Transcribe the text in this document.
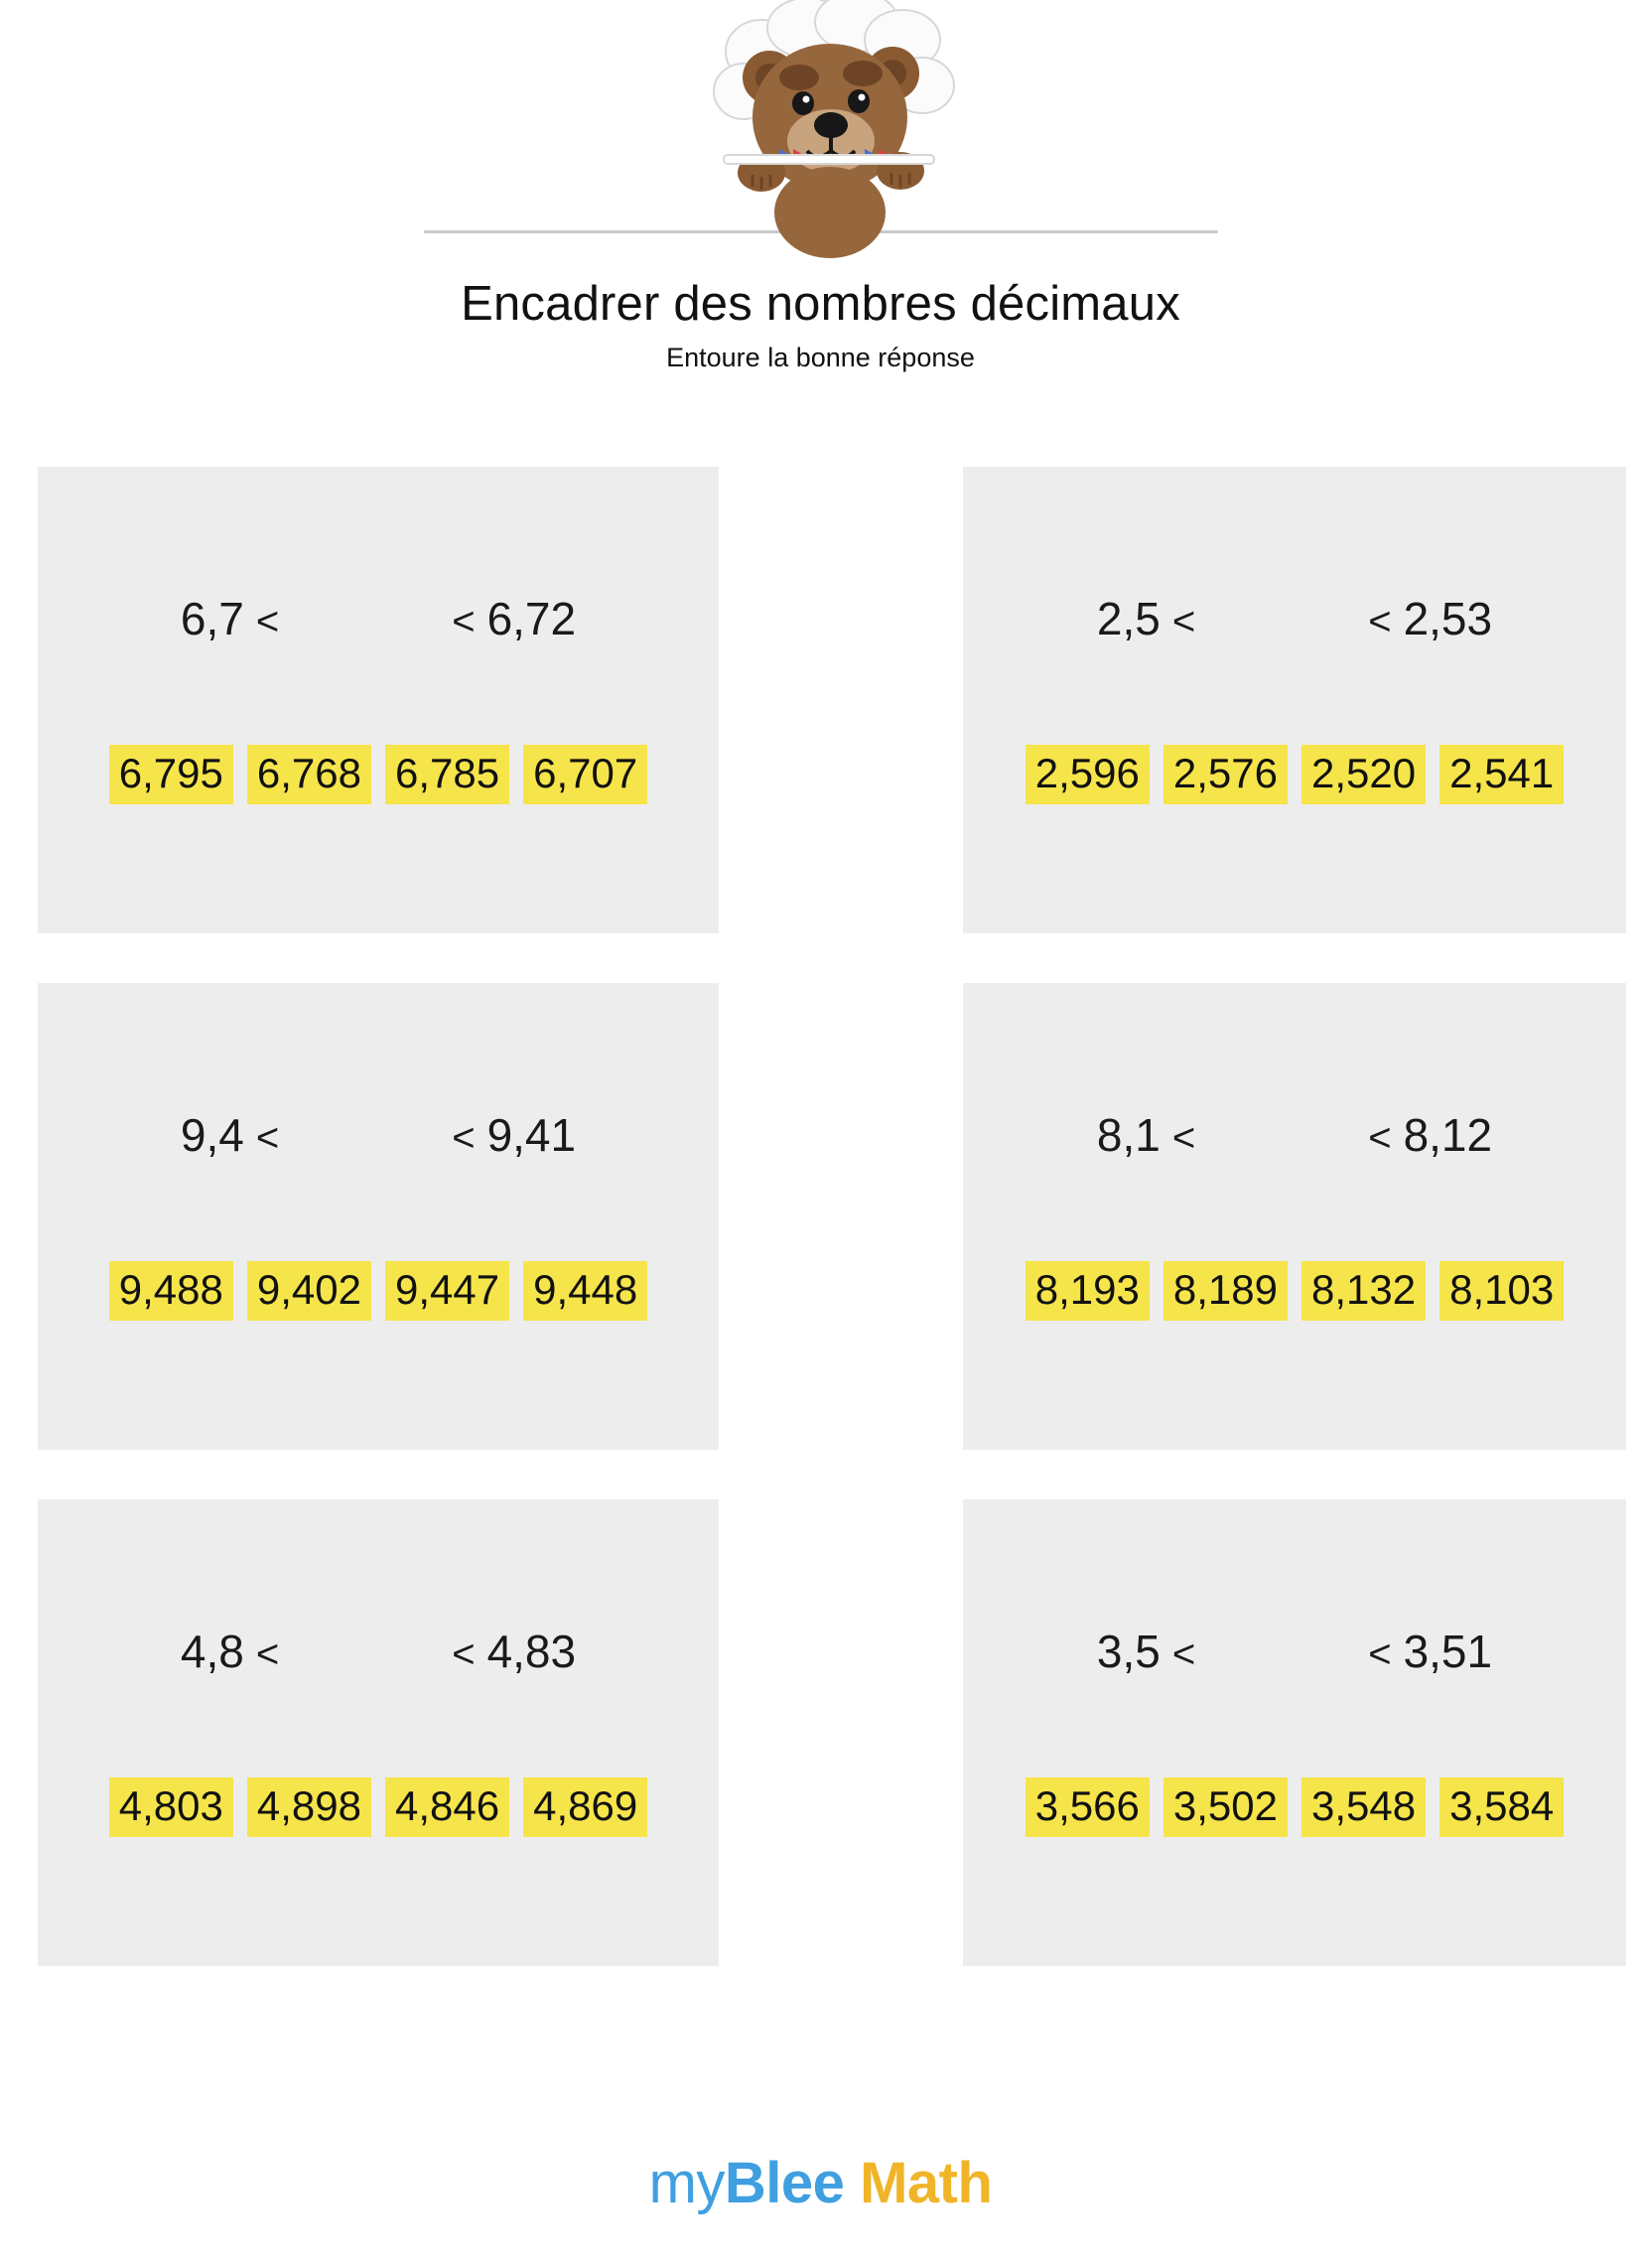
Encadrer des nombres décimaux

Entoure la bonne réponse

6,7 <	< 6,72
6,795 6,768 6,785 6,707
2,5 <	< 2,53
2,596 2,576 2,520 2,541
9,4 <	< 9,41
9,488 9,402 9,447 9,448
8,1 <	< 8,12
8,193 8,189 8,132 8,103
4,8 <	< 4,83
4,803 4,898 4,846 4,869
3,5 <	< 3,51
3,566 3,502 3,548 3,584
myBlee Math
